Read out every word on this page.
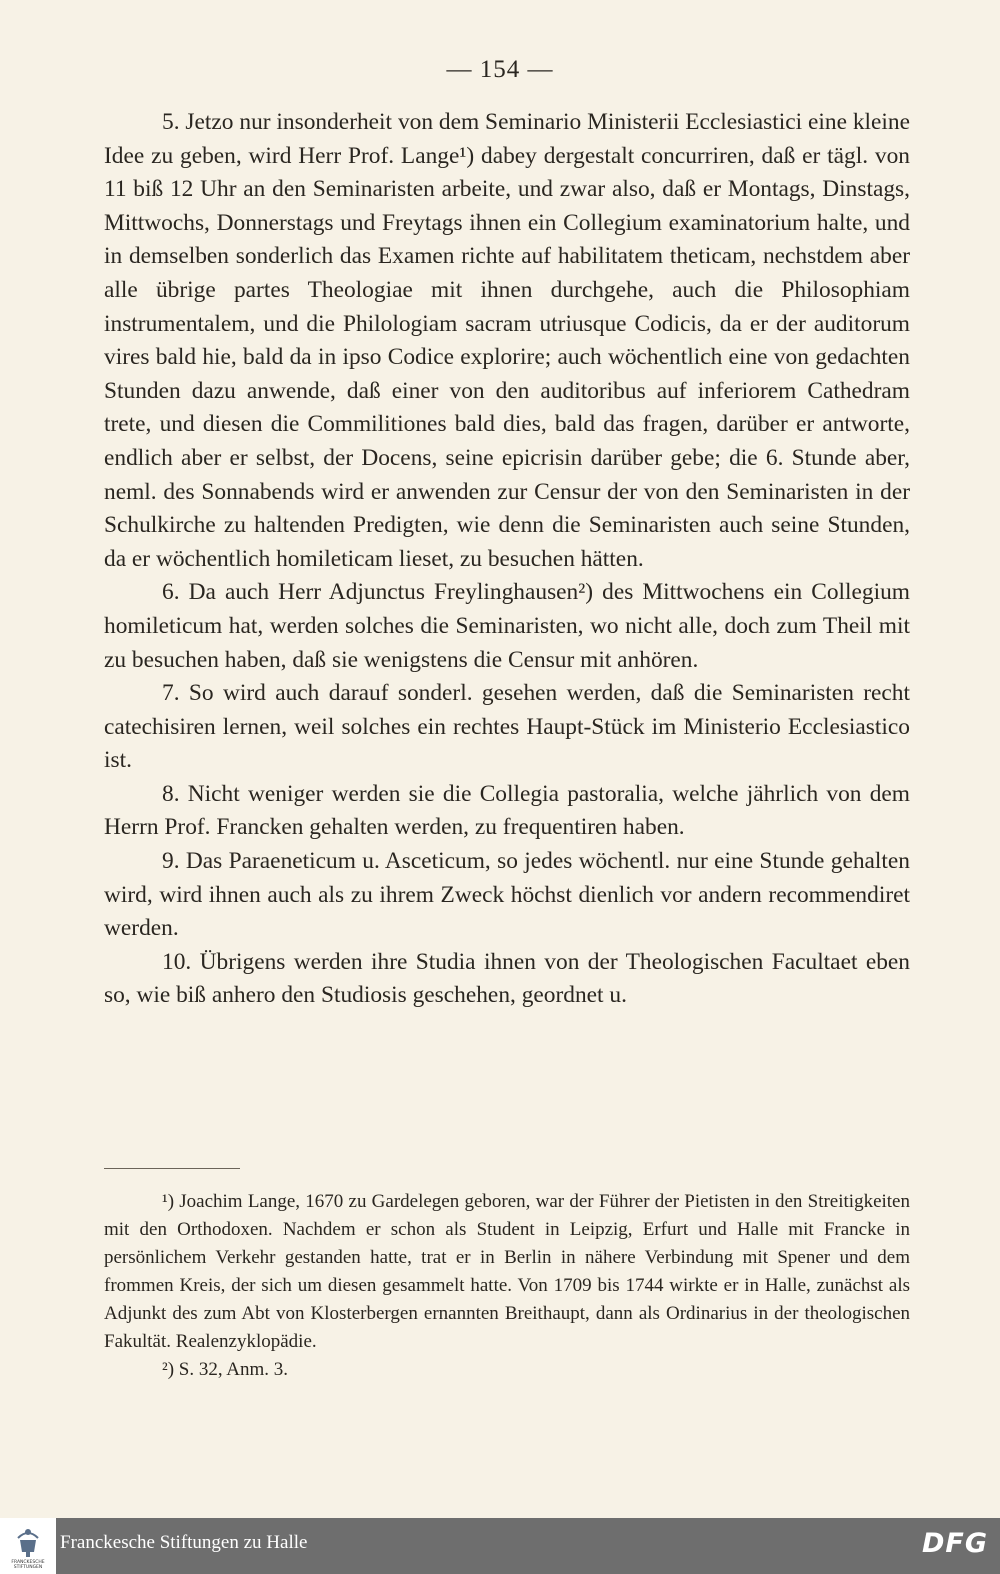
— 154 —

5. Jetzo nur insonderheit von dem Seminario Ministerii Ecclesiastici eine kleine Idee zu geben, wird Herr Prof. Lange¹) dabey dergestalt concurriren, daß er tägl. von 11 biß 12 Uhr an den Seminaristen arbeite, und zwar also, daß er Montags, Dinstags, Mittwochs, Donnerstags und Freytags ihnen ein Collegium examinatorium halte, und in demselben sonderlich das Examen richte auf habilitatem theticam, nechstdem aber alle übrige partes Theologiae mit ihnen durchgehe, auch die Philosophiam instrumentalem, und die Philologiam sacram utriusque Codicis, da er der auditorum vires bald hie, bald da in ipso Codice explorire; auch wöchentlich eine von gedachten Stunden dazu anwende, daß einer von den auditoribus auf inferiorem Cathedram trete, und diesen die Commilitiones bald dies, bald das fragen, darüber er antworte, endlich aber er selbst, der Docens, seine epicrisin darüber gebe; die 6. Stunde aber, neml. des Sonnabends wird er anwenden zur Censur der von den Seminaristen in der Schulkirche zu haltenden Predigten, wie denn die Seminaristen auch seine Stunden, da er wöchentlich homileticam lieset, zu besuchen hätten.

6. Da auch Herr Adjunctus Freylinghausen²) des Mittwochens ein Collegium homileticum hat, werden solches die Seminaristen, wo nicht alle, doch zum Theil mit zu besuchen haben, daß sie wenigstens die Censur mit anhören.

7. So wird auch darauf sonderl. gesehen werden, daß die Seminaristen recht catechisiren lernen, weil solches ein rechtes Haupt-Stück im Ministerio Ecclesiastico ist.

8. Nicht weniger werden sie die Collegia pastoralia, welche jährlich von dem Herrn Prof. Francken gehalten werden, zu frequentiren haben.

9. Das Paraeneticum u. Asceticum, so jedes wöchentl. nur eine Stunde gehalten wird, wird ihnen auch als zu ihrem Zweck höchst dienlich vor andern recommendiret werden.

10. Übrigens werden ihre Studia ihnen von der Theologischen Facultaet eben so, wie biß anhero den Studiosis geschehen, geordnet u.

¹) Joachim Lange, 1670 zu Gardelegen geboren, war der Führer der Pietisten in den Streitigkeiten mit den Orthodoxen. Nachdem er schon als Student in Leipzig, Erfurt und Halle mit Francke in persönlichem Verkehr gestanden hatte, trat er in Berlin in nähere Verbindung mit Spener und dem frommen Kreis, der sich um diesen gesammelt hatte. Von 1709 bis 1744 wirkte er in Halle, zunächst als Adjunkt des zum Abt von Klosterbergen ernannten Breithaupt, dann als Ordinarius in der theologischen Fakultät. Realenzyklopädie.

²) S. 32, Anm. 3.

FRANCKESCHE STIFTUNGEN
Franckesche Stiftungen zu Halle	DFG
